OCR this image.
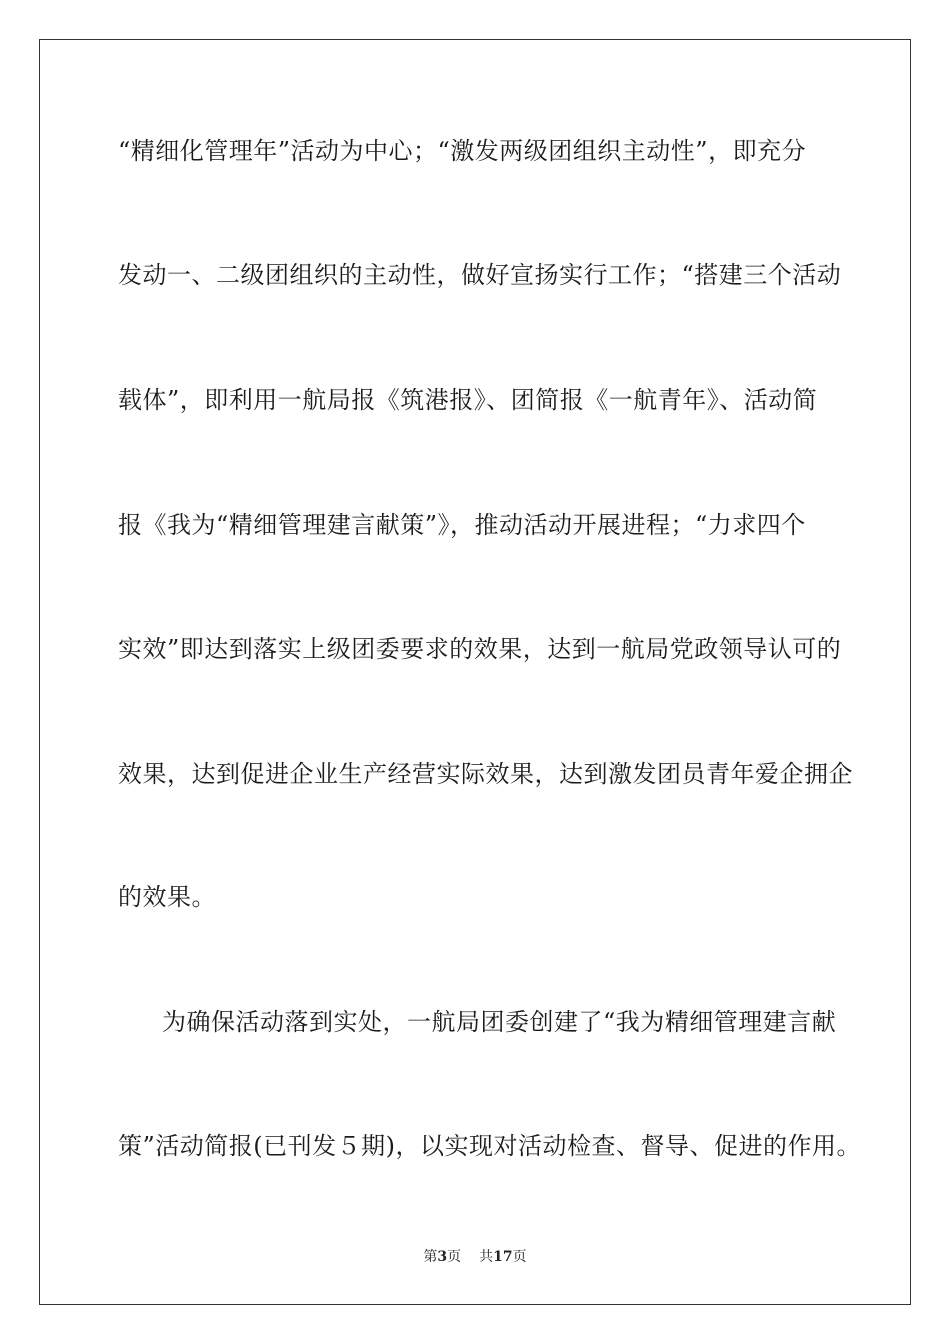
“精细化管理年”活动为中心；“激发两级团组织主动性”，即充分
发动一、二级团组织的主动性，做好宣扬实行工作；“搭建三个活动
载体”，即利用一航局报《筑港报》、团简报《一航青年》、活动简
报《我为“精细管理建言献策”》，推动活动开展进程；“力求四个
实效”即达到落实上级团委要求的效果，达到一航局党政领导认可的
效果，达到促进企业生产经营实际效果，达到激发团员青年爱企拥企
的效果。
为确保活动落到实处，一航局团委创建了“我为精细管理建言献
策”活动简报(已刊发５期)，以实现对活动检查、督导、促进的作用。
第3页 共17页
